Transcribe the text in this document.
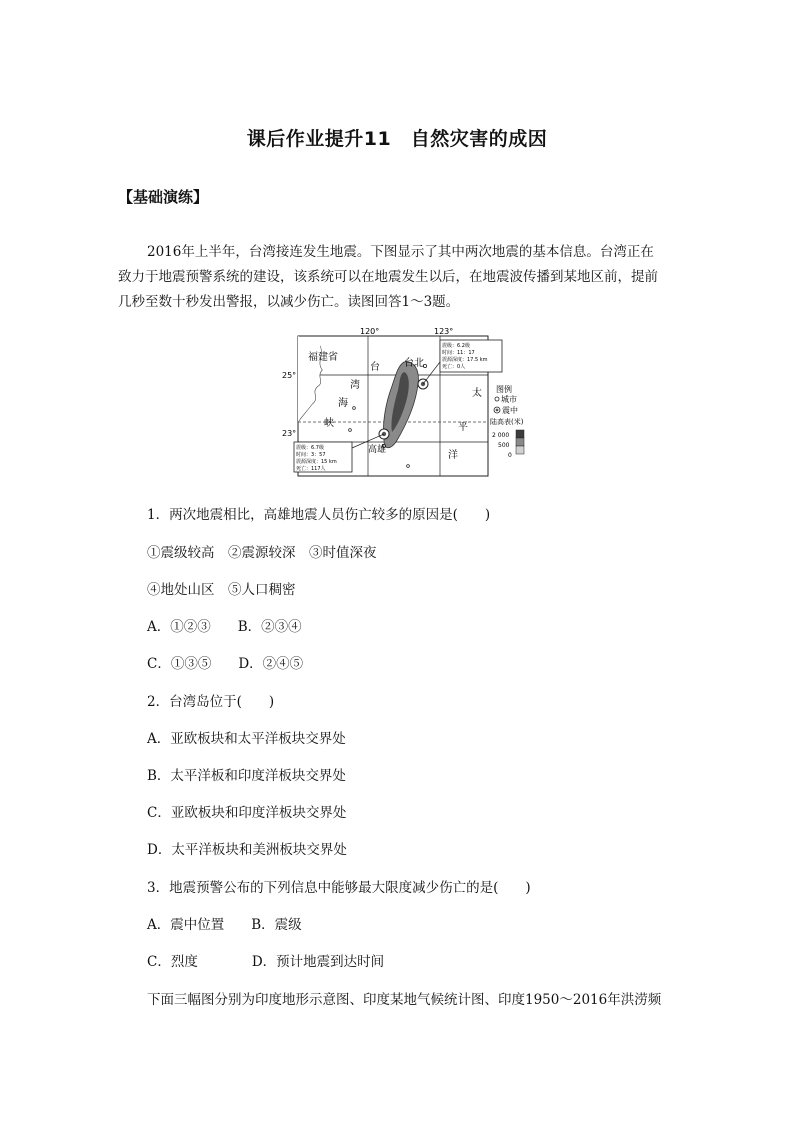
课后作业提升11　自然灾害的成因
【基础演练】
2016年上半年，台湾接连发生地震。下图显示了其中两次地震的基本信息。台湾正在
致力于地震预警系统的建设，该系统可以在地震发生以后，在地震波传播到某地区前，提前
几秒至数十秒发出警报，以减少伤亡。读图回答1～3题。
120°	123°
25°
23°
福建省
台
湾
海
峡
台北
高雄
太
平
洋
震级：6.2级
时间：11：17
震源深度：17.5 km
死亡：0人
震级：6.7级
时间：3：57
震源深度：15 km
死亡：117人
图例
城市
震中
陆高表(米)
2 000
500
0
1．两次地震相比，高雄地震人员伤亡较多的原因是(　　)
①震级较高　②震源较深　③时值深夜
④地处山区　⑤人口稠密
A．①②③　　B．②③④
C．①③⑤　　D．②④⑤
2．台湾岛位于(　　)
A．亚欧板块和太平洋板块交界处
B．太平洋板和印度洋板块交界处
C．亚欧板块和印度洋板块交界处
D．太平洋板块和美洲板块交界处
3．地震预警公布的下列信息中能够最大限度减少伤亡的是(　　)
A．震中位置　　B．震级
C．烈度　　　　D．预计地震到达时间
下面三幅图分别为印度地形示意图、印度某地气候统计图、印度1950～2016年洪涝频
